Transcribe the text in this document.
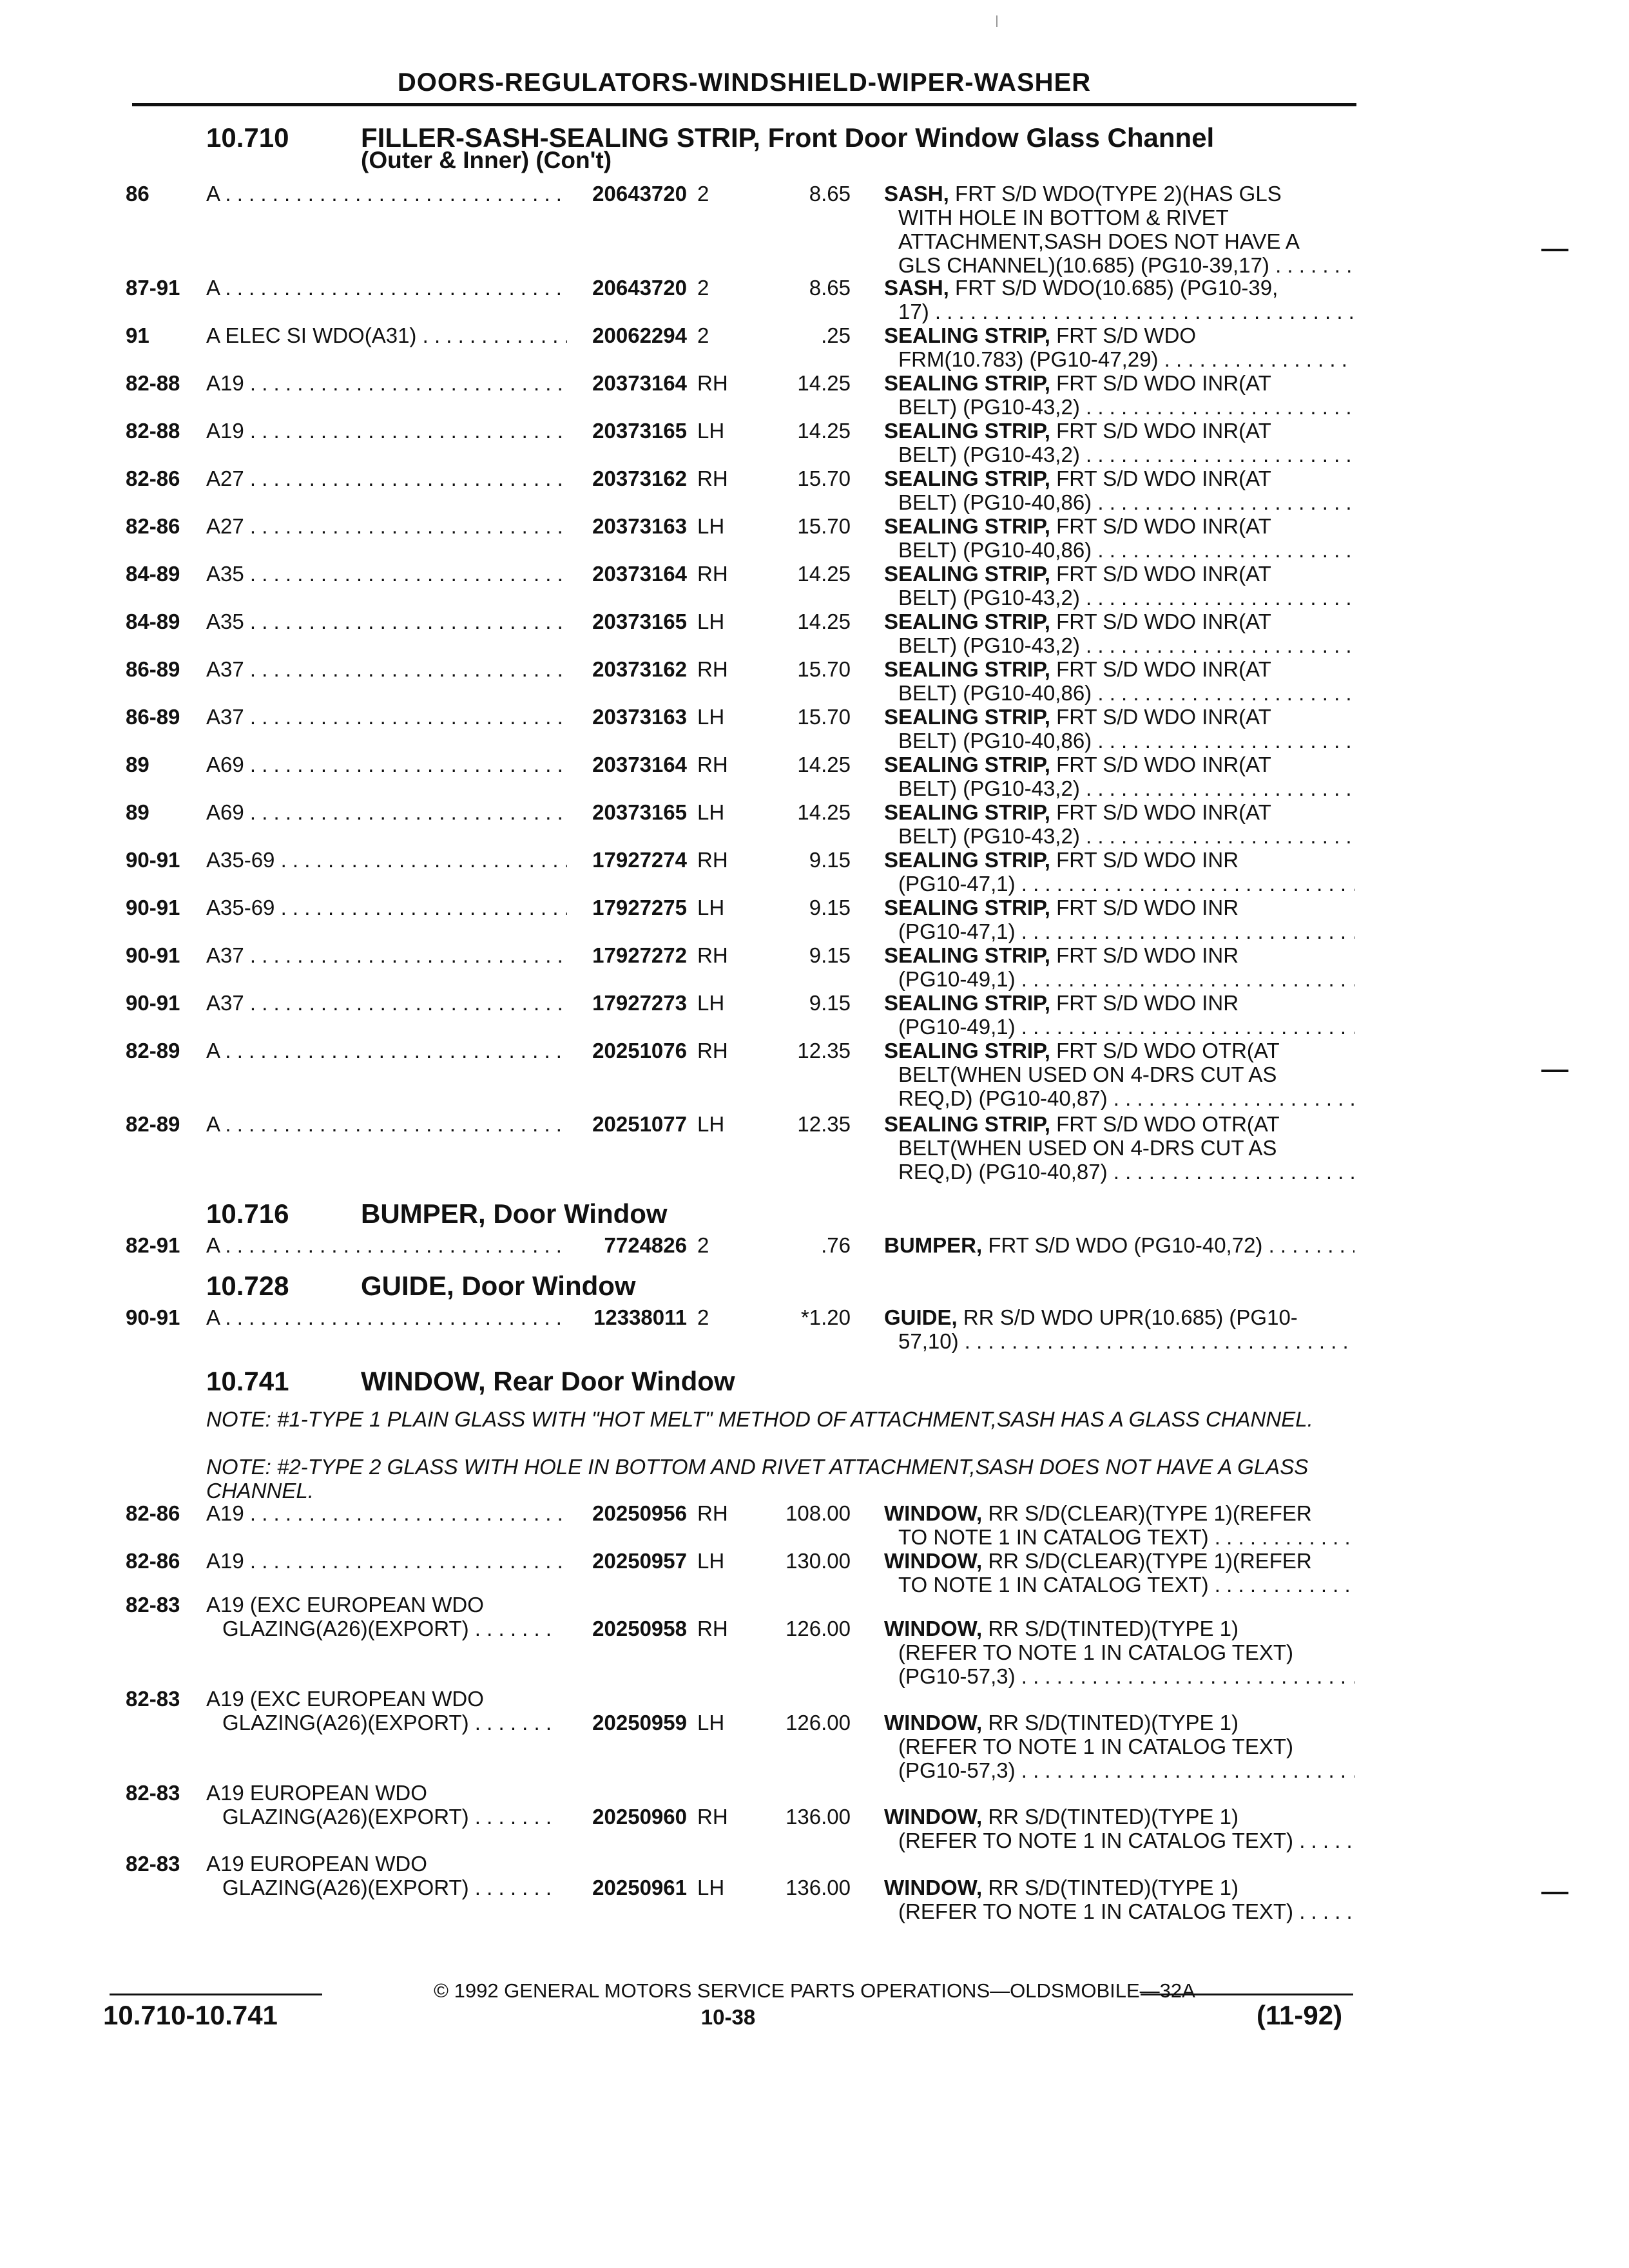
DOORS-REGULATORS-WINDSHIELD-WIPER-WASHER
10.710	FILLER-SASH-SEALING STRIP, Front Door Window Glass Channel
(Outer & Inner) (Con't)
86	A . . .	20643720 2	8.65 SASH, FRT S/D WDO(TYPE 2)(HAS GLS
WITH HOLE IN BOTTOM & RIVET
ATTACHMENT,SASH DOES NOT HAVE A
GLS CHANNEL)(10.685) (PG10-39,17) . . .
87-91 A . . .	20643720 2	8.65 SASH, FRT S/D WDO(10.685) (PG10-39,
17) . . .
91	A ELEC SI WDO(A31) . . .	20062294 2	.25 SEALING STRIP, FRT S/D WDO
FRM(10.783) (PG10-47,29) . . .
82-88 A19 . . .	20373164 RH	14.25 SEALING STRIP, FRT S/D WDO INR(AT
BELT) (PG10-43,2) . . .
82-88 A19 . . .	20373165 LH	14.25 SEALING STRIP, FRT S/D WDO INR(AT
BELT) (PG10-43,2) . . .
82-86 A27 . . .	20373162 RH	15.70 SEALING STRIP, FRT S/D WDO INR(AT
BELT) (PG10-40,86) . . .
82-86 A27 . . .	20373163 LH	15.70 SEALING STRIP, FRT S/D WDO INR(AT
BELT) (PG10-40,86) . . .
84-89 A35 . . .	20373164 RH	14.25 SEALING STRIP, FRT S/D WDO INR(AT
BELT) (PG10-43,2) . . .
84-89 A35 . . .	20373165 LH	14.25 SEALING STRIP, FRT S/D WDO INR(AT
BELT) (PG10-43,2) . . .
86-89 A37 . . .	20373162 RH	15.70 SEALING STRIP, FRT S/D WDO INR(AT
BELT) (PG10-40,86) . . .
86-89 A37 . . .	20373163 LH	15.70 SEALING STRIP, FRT S/D WDO INR(AT
BELT) (PG10-40,86) . . .
89	A69 . . .	20373164 RH	14.25 SEALING STRIP, FRT S/D WDO INR(AT
BELT) (PG10-43,2) . . .
89	A69 . . .	20373165 LH	14.25 SEALING STRIP, FRT S/D WDO INR(AT
BELT) (PG10-43,2) . . .
90-91 A35-69 . . .	17927274 RH	9.15 SEALING STRIP, FRT S/D WDO INR
(PG10-47,1) . . .
90-91 A35-69 . . .	17927275 LH	9.15 SEALING STRIP, FRT S/D WDO INR
(PG10-47,1) . . .
90-91 A37 . . .	17927272 RH	9.15 SEALING STRIP, FRT S/D WDO INR
(PG10-49,1) . . .
90-91 A37 . . .	17927273 LH	9.15 SEALING STRIP, FRT S/D WDO INR
(PG10-49,1) . . .
82-89 A . . .	20251076 RH	12.35 SEALING STRIP, FRT S/D WDO OTR(AT
BELT(WHEN USED ON 4-DRS CUT AS
REQ,D) (PG10-40,87) . . .
82-89 A . . .	20251077 LH	12.35 SEALING STRIP, FRT S/D WDO OTR(AT
BELT(WHEN USED ON 4-DRS CUT AS
REQ,D) (PG10-40,87) . . .
10.716	BUMPER, Door Window
82-91 A . . .	7724826 2	.76 BUMPER, FRT S/D WDO (PG10-40,72) . . .
10.728	GUIDE, Door Window
90-91 A . . .	12338011 2	*1.20 GUIDE, RR S/D WDO UPR(10.685) (PG10-
57,10) . . .
10.741	WINDOW, Rear Door Window
NOTE: #1-TYPE 1 PLAIN GLASS WITH "HOT MELT" METHOD OF ATTACHMENT,SASH HAS A GLASS CHANNEL.
NOTE: #2-TYPE 2 GLASS WITH HOLE IN BOTTOM AND RIVET ATTACHMENT,SASH DOES NOT HAVE A GLASS CHANNEL.
82-86 A19 . . .	20250956 RH	108.00 WINDOW, RR S/D(CLEAR)(TYPE 1)(REFER
TO NOTE 1 IN CATALOG TEXT) . . .
82-86 A19 . . .	20250957 LH	130.00 WINDOW, RR S/D(CLEAR)(TYPE 1)(REFER
TO NOTE 1 IN CATALOG TEXT) . . .
82-83 A19 (EXC EUROPEAN WDO
GLAZING(A26)(EXPORT) . . .	20250958 RH	126.00 WINDOW, RR S/D(TINTED)(TYPE 1)
(REFER TO NOTE 1 IN CATALOG TEXT)
(PG10-57,3) . . .
82-83 A19 (EXC EUROPEAN WDO
GLAZING(A26)(EXPORT) . . .	20250959 LH	126.00 WINDOW, RR S/D(TINTED)(TYPE 1)
(REFER TO NOTE 1 IN CATALOG TEXT)
(PG10-57,3) . . .
82-83 A19 EUROPEAN WDO
GLAZING(A26)(EXPORT) . . .	20250960 RH	136.00 WINDOW, RR S/D(TINTED)(TYPE 1)
(REFER TO NOTE 1 IN CATALOG TEXT) . . .
82-83 A19 EUROPEAN WDO
GLAZING(A26)(EXPORT) . . .	20250961 LH	136.00 WINDOW, RR S/D(TINTED)(TYPE 1)
(REFER TO NOTE 1 IN CATALOG TEXT) . . .
© 1992 GENERAL MOTORS SERVICE PARTS OPERATIONS—OLDSMOBILE—32A
10.710-10.741	10-38	(11-92)
